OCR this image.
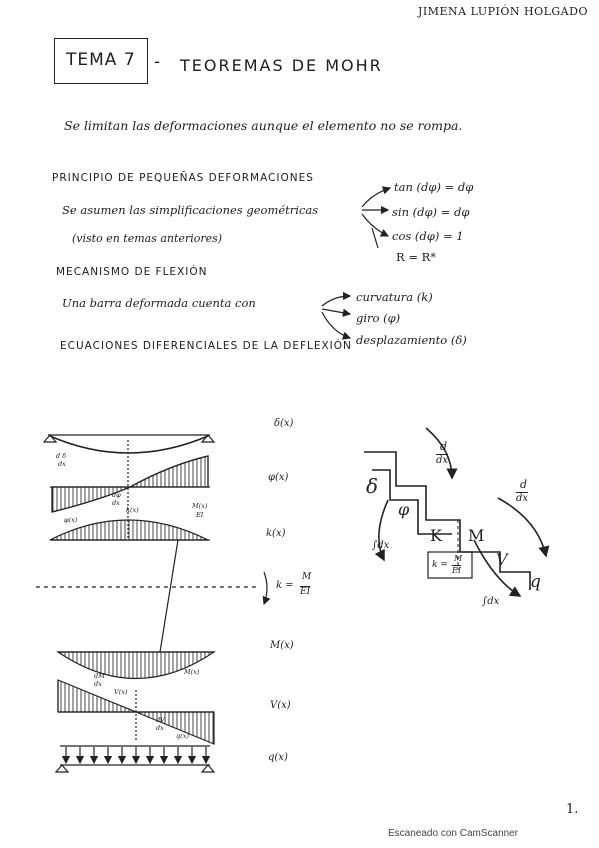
JIMENA LUPIÓN HOLGADO
TEMA 7 - TEOREMAS DE MOHR
Se limitan las deformaciones aunque el elemento no se rompa.
PRINCIPIO DE PEQUEÑAS DEFORMACIONES
Se asumen las simplificaciones geométricas
(visto en temas anteriores)
tan (dφ) = dφ
sin (dφ) = dφ
cos (dφ) = 1
R = R*
MECANISMO DE FLEXIÓN
Una barra deformada cuenta con	curvatura (k)
giro (φ)
desplazamiento (δ)
ECUACIONES DIFERENCIALES DE LA DEFLEXIÓN
δ(x)
φ(x)
k(x)
M(x)
V(x)
q(x)
k =
M
EI
d δ
dx
dφ
dx
k(x)
φ(x)
M(x)
EI
dM
dx
V(x)
dV
dx
q(x)
M(x)
d
dx
d
dx
δ
φ
K M
V
q
k =
M
EI
∫dx
∫dx
1.
Escaneado con CamScanner
